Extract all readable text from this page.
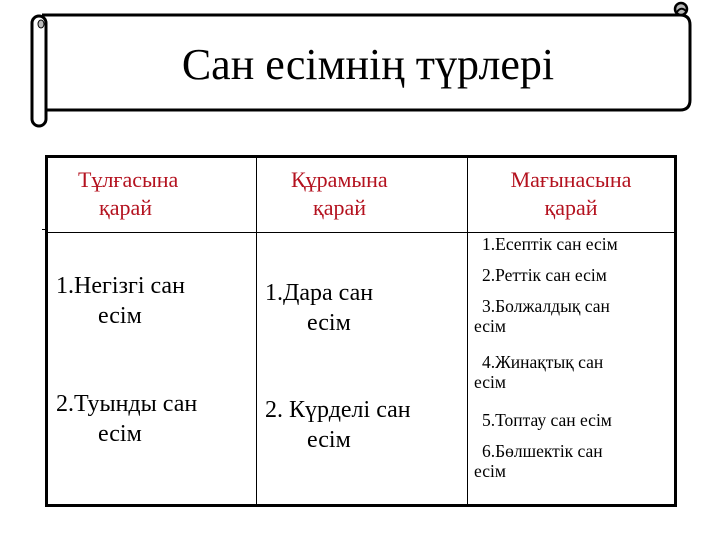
Сан есімнің түрлері
Тұлғасына
қарай
1.Негізгі сан
есім
2.Туынды сан
есім
Құрамына
қарай
1.Дара сан
есім
2. Күрделі сан
есім
Мағынасына
қарай
1.Есептік сан есім
2.Реттік сан есім
3.Болжалдық сан
есім
4.Жинақтық сан
есім
5.Топтау сан есім
6.Бөлшектік сан
есім
